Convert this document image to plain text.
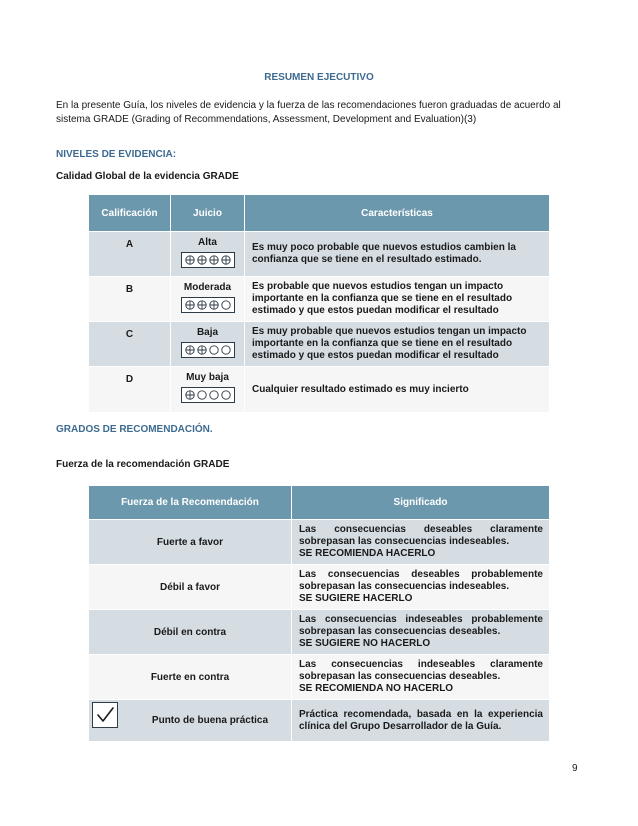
RESUMEN EJECUTIVO
En la presente Guía, los niveles de evidencia y la fuerza de las recomendaciones fueron graduadas de acuerdo al sistema GRADE (Grading of Recommendations, Assessment, Development and Evaluation)(3)
NIVELES DE EVIDENCIA:
Calidad Global de la evidencia GRADE
Calificación	Juicio	Características
A	Alta	Es muy poco probable que nuevos estudios cambien la confianza que se tiene en el resultado estimado.
B	Moderada	Es probable que nuevos estudios tengan un impacto importante en la confianza que se tiene en el resultado estimado y que estos puedan modificar el resultado
C	Baja	Es muy probable que nuevos estudios tengan un impacto importante en la confianza que se tiene en el resultado estimado y que estos puedan modificar el resultado
D	Muy baja	Cualquier resultado estimado es muy incierto
GRADOS DE RECOMENDACIÓN.
Fuerza de la recomendación GRADE
Fuerza de la Recomendación	Significado
Fuerte a favor	Las consecuencias deseables claramente sobrepasan las consecuencias indeseables.
SE RECOMIENDA HACERLO

Débil a favor	Las consecuencias deseables probablemente sobrepasan las consecuencias indeseables.
SE SUGIERE HACERLO

Débil en contra	Las consecuencias indeseables probablemente sobrepasan las consecuencias deseables.
SE SUGIERE NO HACERLO

Fuerte en contra	Las consecuencias indeseables claramente sobrepasan las consecuencias deseables.
SE RECOMIENDA NO HACERLO

Punto de buena práctica	Práctica recomendada, basada en la experiencia clínica del Grupo Desarrollador de la Guía.
9
